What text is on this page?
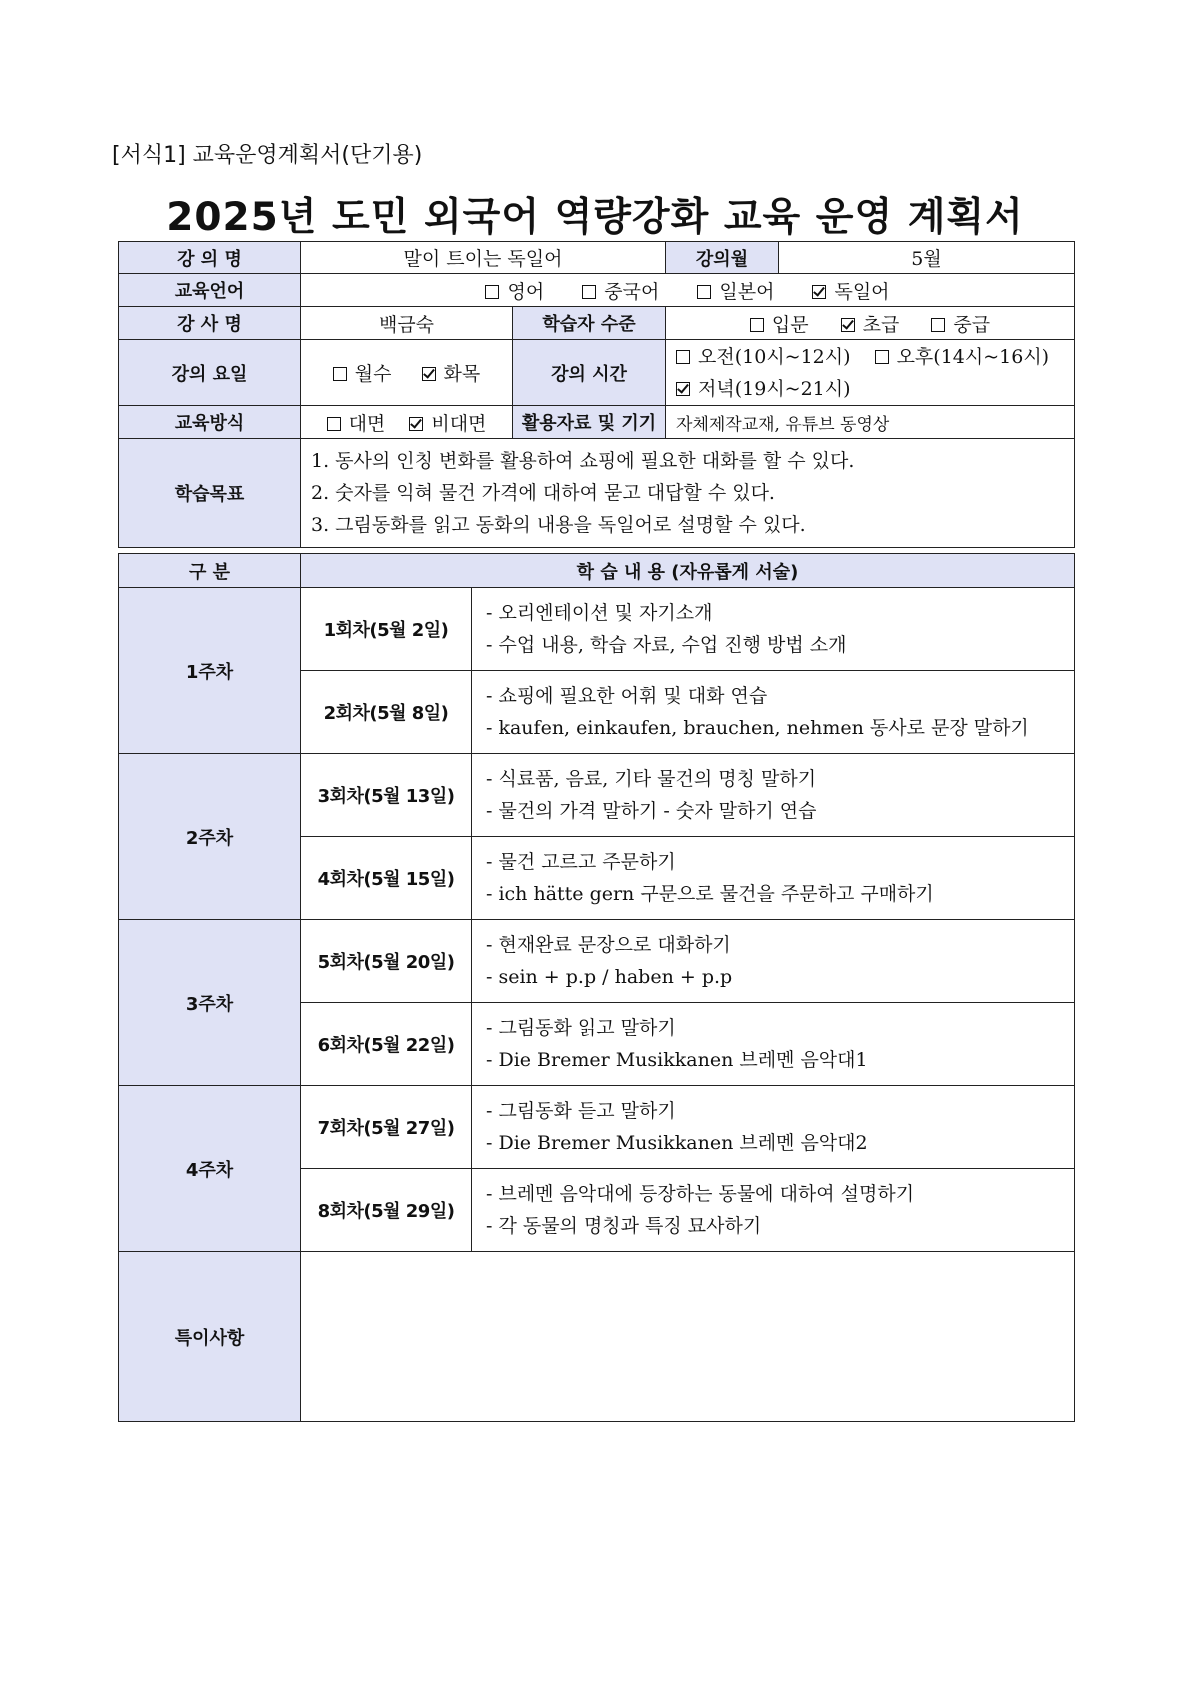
[서식1] 교육운영계획서(단기용)
2025년 도민 외국어 역량강화 교육 운영 계획서
강 의 명	말이 트이는 독일어		강의월	5월
교육언어	영어 중국어 일본어 독일어			
강 사 명	백금숙	학습자 수준	입문 초급 중급	
강의 요일	월수 화목	강의 시간	오전(10시~12시) 오후(14시~16시)
저녁(19시~21시)	

교육방식	대면 비대면	활용자료 및 기기	자체제작교재, 유튜브 동영상	
학습목표	1. 동사의 인칭 변화를 활용하여 쇼핑에 필요한 대화를 할 수 있다.
2. 숫자를 익혀 물건 가격에 대하여 묻고 대답할 수 있다.
3. 그림동화를 읽고 동화의 내용을 독일어로 설명할 수 있다.			
구 분	학 습 내 용 (자유롭게 서술)	
1주차	1회차(5월 2일)	- 오리엔테이션 및 자기소개
- 수업 내용, 학습 자료, 수업 진행 방법 소개

	2회차(5월 8일)	- 쇼핑에 필요한 어휘 및 대화 연습
- kaufen, einkaufen, brauchen, nehmen 동사로 문장 말하기

2주차	3회차(5월 13일)	- 식료품, 음료, 기타 물건의 명칭 말하기
- 물건의 가격 말하기 - 숫자 말하기 연습

	4회차(5월 15일)	- 물건 고르고 주문하기
- ich hätte gern 구문으로 물건을 주문하고 구매하기

3주차	5회차(5월 20일)	- 현재완료 문장으로 대화하기
- sein + p.p / haben + p.p

	6회차(5월 22일)	- 그림동화 읽고 말하기
- Die Bremer Musikkanen 브레멘 음악대1

4주차	7회차(5월 27일)	- 그림동화 듣고 말하기
- Die Bremer Musikkanen 브레멘 음악대2

	8회차(5월 29일)	- 브레멘 음악대에 등장하는 동물에 대하여 설명하기
- 각 동물의 명칭과 특징 묘사하기

특이사항		
